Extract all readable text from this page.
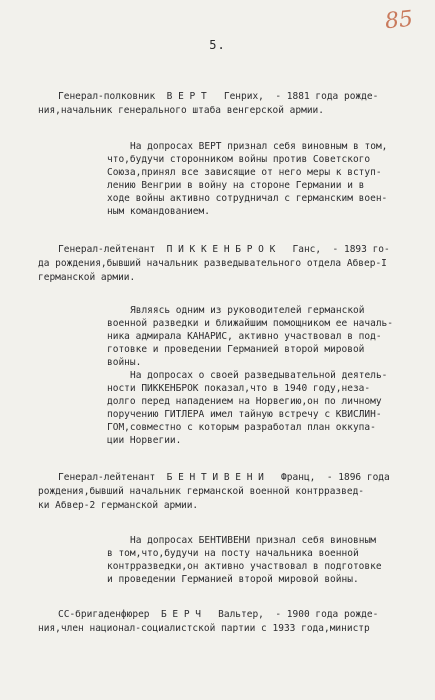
85
5.
Генерал-полковник  В Е Р Т   Генрих,  - 1881 года рожде-
ния,начальник генерального штаба венгерской армии.
На допросах ВЕРТ признал себя виновным в том,
что,будучи сторонником войны против Советского
Союза,принял все зависящие от него меры к вступ-
лению Венгрии в войну на стороне Германии и в
ходе войны активно сотрудничал с германским воен-
ным командованием.
Генерал-лейтенант  П И К К Е Н Б Р О К   Ганс,  - 1893 го-
да рождения,бывший начальник разведывательного отдела Абвер-I
германской армии.
Являясь одним из руководителей германской
военной разведки и ближайшим помощником ее началь-
ника адмирала КАНАРИС, активно участвовал в под-
готовке и проведении Германией второй мировой
войны.
На допросах о своей разведывательной деятель-
ности ПИККЕНБРОК показал,что в 1940 году,неза-
долго перед нападением на Норвегию,он по личному
поручению ГИТЛЕРА имел тайную встречу с КВИСЛИН-
ГОМ,совместно с которым разработал план оккупа-
ции Норвегии.
Генерал-лейтенант  Б Е Н Т И В Е Н И   Франц,  - 1896 года
рождения,бывший начальник германской военной контрразвед-
ки Абвер-2 германской армии.
На допросах БЕНТИВЕНИ признал себя виновным
в том,что,будучи на посту начальника военной
контрразведки,он активно участвовал в подготовке
и проведении Германией второй мировой войны.
СС-бригаденфюрер  Б Е Р Ч   Вальтер,  - 1900 года рожде-
ния,член национал-социалистской партии с 1933 года,министр
